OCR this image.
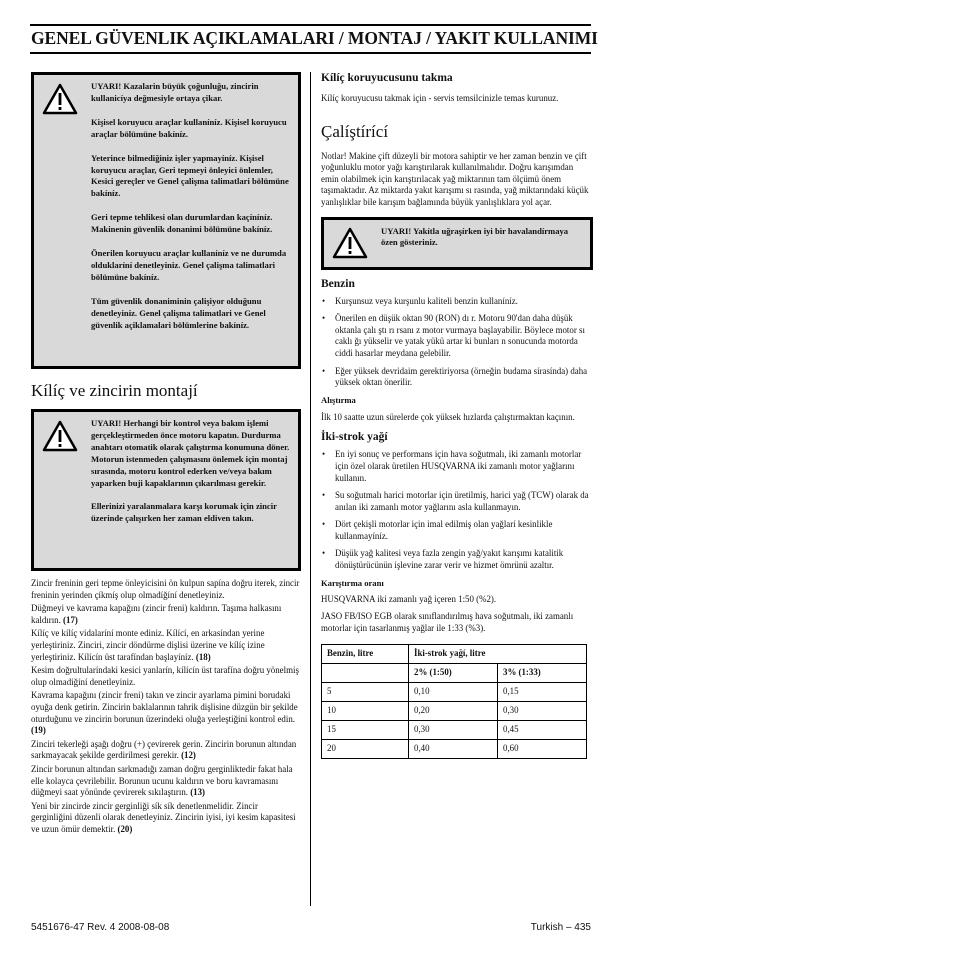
GENEL GÜVENLIK AÇIKLAMALARI / MONTAJ / YAKIT KULLANIMI

UYARI! Kazalarin büyük çoğunluğu, zincirin kullanicíya değmesiyle ortaya çikar.

Kişisel koruyucu araçlar kullaníníz. Kişisel koruyucu araçlar bölümüne bakíníz.

Yeterince bilmediğiniz işler yapmayíníz. Kişisel koruyucu araçlar, Geri tepmeyi önleyici önlemler, Kesici gereçler ve Genel çalişma talimatlari bölümüne bakíníz.

Geri tepme tehlikesi olan durumlardan kaçíníníz. Makinenin güvenlik donanimi bölümüne bakíníz.

Önerilen koruyucu araçlar kullaníníz ve ne durumda olduklaríní denetleyiniz. Genel çalişma talimatlari bölümüne bakíníz.

Tüm güvenlik donaniminin çalişiyor olduğunu denetleyiniz. Genel çalişma talimatlari ve Genel güvenlik açiklamalari bölümlerine bakíníz.

Kílíç ve zincirin montají

UYARI! Herhangi bir kontrol veya bakım işlemi gerçekleştirmeden önce motoru kapatın. Durdurma anahtarı otomatik olarak çalıştırma konumuna döner. Motorun istenmeden çalışmasını önlemek için montaj sırasında, motoru kontrol ederken ve/veya bakım yaparken buji kapaklarının çıkarılması gerekir.

Ellerinizi yaralanmalara karşı korumak için zincir üzerinde çalışırken her zaman eldiven takın.

Zincir freninin geri tepme önleyicisini ön kulpun sapína doğru iterek, zincir freninin yerinden çíkmíş olup olmadíğíní denetleyiniz.

Düğmeyi ve kavrama kapağını (zincir freni) kaldırın. Taşıma halkasını kaldırın. (17)

Kílíç ve kílíç vidalaríní monte ediniz. Kílící, en arkasíndan yerine yerleştiriniz. Zinciri, zincir döndürme dişlisi üzerine ve kílíç izine yerleştiriniz. Kílícín üst tarafíndan başlayíníz. (18)

Kesim doğrultularíndaki kesici yanlarín, kílícín üst tarafína doğru yönelmiş olup olmadíğíní denetleyiniz.

Kavrama kapağını (zincir freni) takın ve zincir ayarlama pimini borudaki oyuğa denk getirin. Zincirin baklalarının tahrik dişlisine düzgün bir şekilde oturduğunu ve zincirin borunun üzerindeki oluğa yerleştiğini kontrol edin. (19)

Zinciri tekerleği aşağı doğru (+) çevirerek gerin. Zincirin borunun altından sarkmayacak şekilde gerdirilmesi gerekir. (12)

Zincir borunun altından sarkmadığı zaman doğru gerginliktedir fakat hala elle kolayca çevrilebilir. Borunun ucunu kaldırın ve boru kavramasını düğmeyi saat yönünde çevirerek sıkılaştırın. (13)

Yeni bir zincirde zincir gerginliği sík sík denetlenmelidir. Zincir gerginliğini düzenli olarak denetleyiniz. Zincirin iyisi, iyi kesim kapasitesi ve uzun ömür demektir. (20)

Kílíç koruyucusunu takma

Kílíç koruyucusu takmak için - servis temsilcinizle temas kurunuz.

Çalíştírící

Notlar! Makine çift düzeyli bir motora sahiptir ve her zaman benzin ve çift yoğunluklu motor yağı karıştırılarak kullanılmalıdır. Doğru karışımdan emin olabilmek için karıştırılacak yağ miktarının tam ölçümü önem taşımaktadır. Az miktarda yakıt karışımı sı rasında, yağ miktarındaki küçük yanlışlıklar bile karışım bağlamında büyük yanlışlıklara yol açar.

UYARI! Yakítla uğraşírken iyi bir havalandírmaya özen gösteriniz.

Benzin
• Kurşunsuz veya kurşunlu kaliteli benzin kullaníníz.
• Önerilen en düşük oktan 90 (RON) dı r. Motoru 90'dan daha düşük oktanla çalı ştı rı rsanı z motor vurmaya başlayabilir. Böylece motor sı caklı ğı yükselir ve yatak yükü artar ki bunları n sonucunda motorda ciddi hasarlar meydana gelebilir.
• Eğer yüksek devridaim gerektiriyorsa (örneğin budama sírasínda) daha yüksek oktan önerilir.
Alıştırma

İlk 10 saatte uzun sürelerde çok yüksek hızlarda çalıştırmaktan kaçının.

İki-strok yağí
• En iyi sonuç ve performans için hava soğutmalı, iki zamanlı motorlar için özel olarak üretilen HUSQVARNA iki zamanlı motor yağlarını kullanın.
• Su soğutmalı harici motorlar için üretilmiş, harici yağ (TCW) olarak da anılan iki zamanlı motor yağlarını asla kullanmayın.
• Dört çekişli motorlar için imal edilmiş olan yağlarí kesinlikle kullanmayíníz.
• Düşük yağ kalitesi veya fazla zengin yağ/yakıt karışımı katalitik dönüştürücünün işlevine zarar verir ve hizmet ömrünü azaltır.
Karıştırma oranı

HUSQVARNA iki zamanlı yağ içeren 1:50 (%2).

JASO FB/ISO EGB olarak sınıflandırılmış hava soğutmalı, iki zamanlı motorlar için tasarlanmış yağlar ile 1:33 (%3).

Benzin, litre	İki-strok yağí, litre	
	2% (1:50)	3% (1:33)
5	0,10	0,15
10	0,20	0,30
15	0,30	0,45
20	0,40	0,60
5451676-47 Rev. 4 2008-08-08	Turkish – 435
